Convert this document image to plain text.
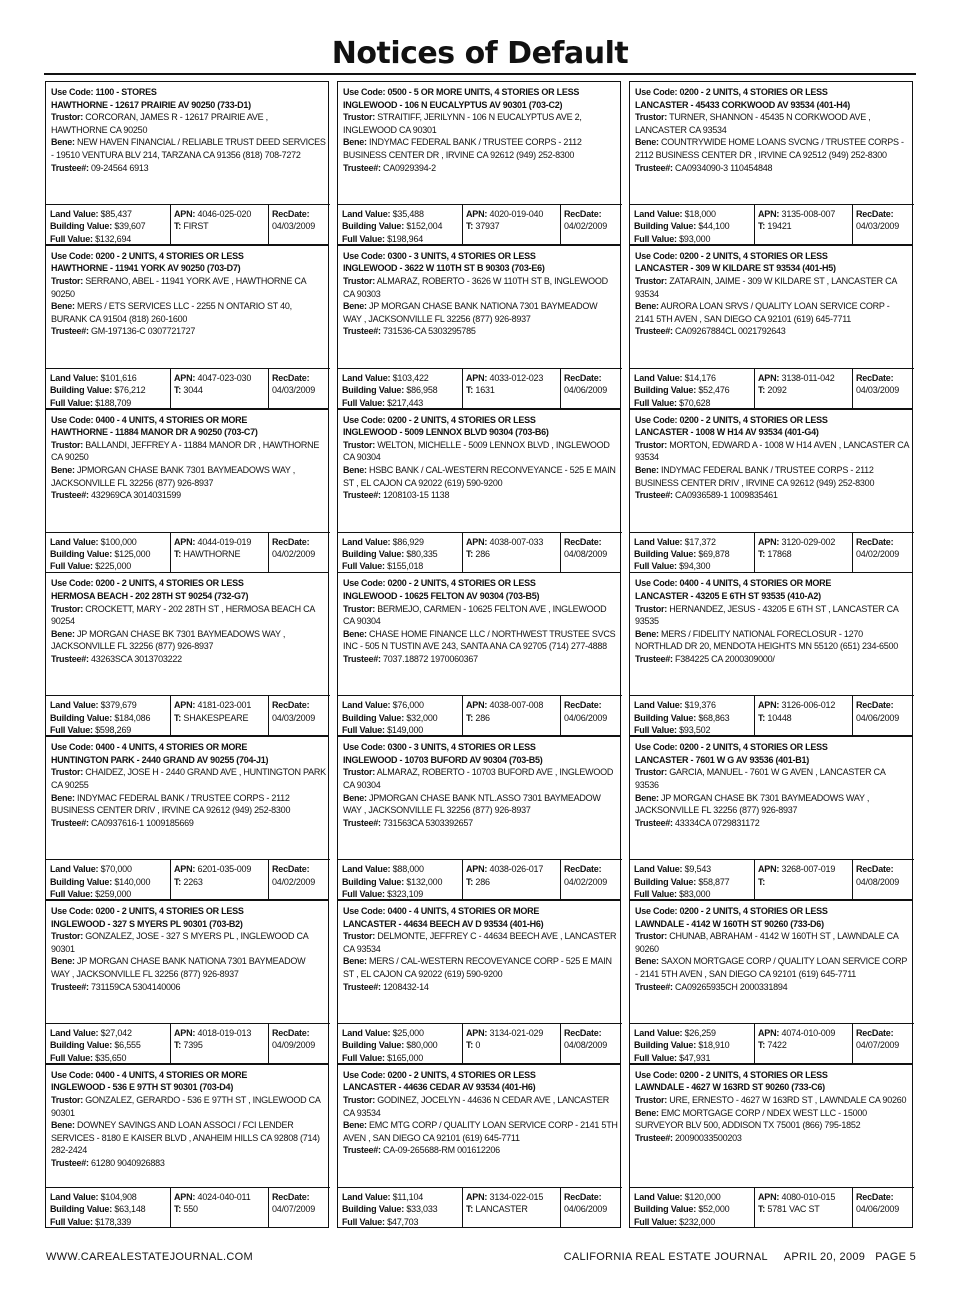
Notices of Default
Use Code: 1100 - STORES
HAWTHORNE - 12617 PRAIRIE AV 90250 (733-D1)
Trustor: CORCORAN, JAMES R - 12617 PRAIRIE AVE , HAWTHORNE CA 90250
Bene: NEW HAVEN FINANCIAL / RELIABLE TRUST DEED SERVICES - 19510 VENTURA BLV 214, TARZANA CA 91356 (818) 708-7272
Trustee#: 09-24564 6913
Land Value: $85,437
Building Value: $39,607
Full Value: $132,694
APN: 4046-025-020
T: FIRST
RecDate:
04/03/2009
Use Code: 0200 - 2 UNITS, 4 STORIES OR LESS
HAWTHORNE - 11941 YORK AV 90250 (703-D7)
Trustor: SERRANO, ABEL - 11941 YORK AVE , HAWTHORNE CA 90250
Bene: MERS / ETS SERVICES LLC - 2255 N ONTARIO ST 40, BURANK CA 91504 (818) 260-1600
Trustee#: GM-197136-C 0307721727
Land Value: $101,616
Building Value: $76,212
Full Value: $188,709
APN: 4047-023-030
T: 3044
RecDate:
04/03/2009
Use Code: 0400 - 4 UNITS, 4 STORIES OR MORE
HAWTHORNE - 11884 MANOR DR A 90250 (703-C7)
Trustor: BALLANDI, JEFFREY A - 11884 MANOR DR , HAWTHORNE CA 90250
Bene: JPMORGAN CHASE BANK 7301 BAYMEADOWS WAY , JACKSONVILLE FL 32256 (877) 926-8937
Trustee#: 432969CA 3014031599
Land Value: $100,000
Building Value: $125,000
Full Value: $225,000
APN: 4044-019-019
T: HAWTHORNE
RecDate:
04/02/2009
Use Code: 0200 - 2 UNITS, 4 STORIES OR LESS
HERMOSA BEACH - 202 28TH ST 90254 (732-G7)
Trustor: CROCKETT, MARY - 202 28TH ST , HERMOSA BEACH CA 90254
Bene: JP MORGAN CHASE BK 7301 BAYMEADOWS WAY , JACKSONVILLE FL 32256 (877) 926-8937
Trustee#: 43263SCA 3013703222
Land Value: $379,679
Building Value: $184,086
Full Value: $598,269
APN: 4181-023-001
T: SHAKESPEARE
RecDate:
04/03/2009
Use Code: 0400 - 4 UNITS, 4 STORIES OR MORE
HUNTINGTON PARK - 2440 GRAND AV 90255 (704-J1)
Trustor: CHAIDEZ, JOSE H - 2440 GRAND AVE , HUNTINGTON PARK CA 90255
Bene: INDYMAC FEDERAL BANK / TRUSTEE CORPS - 2112 BUSINESS CENTER DRIV , IRVINE CA 92612 (949) 252-8300
Trustee#: CA0937616-1 1009185669
Land Value: $70,000
Building Value: $140,000
Full Value: $259,000
APN: 6201-035-009
T: 2263
RecDate:
04/02/2009
Use Code: 0200 - 2 UNITS, 4 STORIES OR LESS
INGLEWOOD - 327 S MYERS PL 90301 (703-B2)
Trustor: GONZALEZ, JOSE - 327 S MYERS PL , INGLEWOOD CA 90301
Bene: JP MORGAN CHASE BANK NATIONA 7301 BAYMEADOW WAY , JACKSONVILLE FL 32256 (877) 926-8937
Trustee#: 731159CA 5304140006
Land Value: $27,042
Building Value: $6,555
Full Value: $35,650
APN: 4018-019-013
T: 7395
RecDate:
04/09/2009
Use Code: 0400 - 4 UNITS, 4 STORIES OR MORE
INGLEWOOD - 536 E 97TH ST 90301 (703-D4)
Trustor: GONZALEZ, GERARDO - 536 E 97TH ST , INGLEWOOD CA 90301
Bene: DOWNEY SAVINGS AND LOAN ASSOCI / FCI LENDER SERVICES - 8180 E KAISER BLVD , ANAHEIM HILLS CA 92808 (714) 282-2424
Trustee#: 61280 9040926883
Land Value: $104,908
Building Value: $63,148
Full Value: $178,339
APN: 4024-040-011
T: 550
RecDate:
04/07/2009
Use Code: 0500 - 5 OR MORE UNITS, 4 STORIES OR LESS
INGLEWOOD - 106 N EUCALYPTUS AV 90301 (703-C2)
Trustor: STRAITIFF, JERILYNN - 106 N EUCALYPTUS AVE 2, INGLEWOOD CA 90301
Bene: INDYMAC FEDERAL BANK / TRUSTEE CORPS - 2112 BUSINESS CENTER DR , IRVINE CA 92612 (949) 252-8300
Trustee#: CA0929394-2
Land Value: $35,488
Building Value: $152,004
Full Value: $198,964
APN: 4020-019-040
T: 37937
RecDate:
04/02/2009
Use Code: 0300 - 3 UNITS, 4 STORIES OR LESS
INGLEWOOD - 3622 W 110TH ST B 90303 (703-E6)
Trustor: ALMARAZ, ROBERTO - 3626 W 110TH ST B, INGLEWOOD CA 90303
Bene: JP MORGAN CHASE BANK NATIONA 7301 BAYMEADOW WAY , JACKSONVILLE FL 32256 (877) 926-8937
Trustee#: 731536-CA 5303295785
Land Value: $103,422
Building Value: $86,958
Full Value: $217,443
APN: 4033-012-023
T: 1631
RecDate:
04/06/2009
Use Code: 0200 - 2 UNITS, 4 STORIES OR LESS
INGLEWOOD - 5009 LENNOX BLVD 90304 (703-B6)
Trustor: WELTON, MICHELLE - 5009 LENNOX BLVD , INGLEWOOD CA 90304
Bene: HSBC BANK / CAL-WESTERN RECONVEYANCE - 525 E MAIN ST , EL CAJON CA 92022 (619) 590-9200
Trustee#: 1208103-15 1138
Land Value: $86,929
Building Value: $80,335
Full Value: $155,018
APN: 4038-007-033
T: 286
RecDate:
04/08/2009
Use Code: 0200 - 2 UNITS, 4 STORIES OR LESS
INGLEWOOD - 10625 FELTON AV 90304 (703-B5)
Trustor: BERMEJO, CARMEN - 10625 FELTON AVE , INGLEWOOD CA 90304
Bene: CHASE HOME FINANCE LLC / NORTHWEST TRUSTEE SVCS INC - 505 N TUSTIN AVE 243, SANTA ANA CA 92705 (714) 277-4888
Trustee#: 7037.18872 1970060367
Land Value: $76,000
Building Value: $32,000
Full Value: $149,000
APN: 4038-007-008
T: 286
RecDate:
04/06/2009
Use Code: 0300 - 3 UNITS, 4 STORIES OR LESS
INGLEWOOD - 10703 BUFORD AV 90304 (703-B5)
Trustor: ALMARAZ, ROBERTO - 10703 BUFORD AVE , INGLEWOOD CA 90304
Bene: JPMORGAN CHASE BANK NTL.ASSO 7301 BAYMEADOW WAY , JACKSONVILLE FL 32256 (877) 926-8937
Trustee#: 731563CA 5303392657
Land Value: $88,000
Building Value: $132,000
Full Value: $323,109
APN: 4038-026-017
T: 286
RecDate:
04/02/2009
Use Code: 0400 - 4 UNITS, 4 STORIES OR MORE
LANCASTER - 44634 BEECH AV D 93534 (401-H6)
Trustor: DELMONTE, JEFFREY C - 44634 BEECH AVE , LANCASTER CA 93534
Bene: MERS / CAL-WESTERN RECOVEYANCE CORP - 525 E MAIN ST , EL CAJON CA 92022 (619) 590-9200
Trustee#: 1208432-14
Land Value: $25,000
Building Value: $80,000
Full Value: $165,000
APN: 3134-021-029
T: 0
RecDate:
04/08/2009
Use Code: 0200 - 2 UNITS, 4 STORIES OR LESS
LANCASTER - 44636 CEDAR AV 93534 (401-H6)
Trustor: GODINEZ, JOCELYN - 44636 N CEDAR AVE , LANCASTER CA 93534
Bene: EMC MTG CORP / QUALITY LOAN SERVICE CORP - 2141 5TH AVEN , SAN DIEGO CA 92101 (619) 645-7711
Trustee#: CA-09-265688-RM 001612206
Land Value: $11,104
Building Value: $33,033
Full Value: $47,703
APN: 3134-022-015
T: LANCASTER
RecDate:
04/06/2009
Use Code: 0200 - 2 UNITS, 4 STORIES OR LESS
LANCASTER - 45433 CORKWOOD AV 93534 (401-H4)
Trustor: TURNER, SHANNON - 45435 N CORKWOOD AVE , LANCASTER CA 93534
Bene: COUNTRYWIDE HOME LOANS SVCNG / TRUSTEE CORPS - 2112 BUSINESS CENTER DR , IRVINE CA 92512 (949) 252-8300
Trustee#: CA0934090-3 110454848
Land Value: $18,000
Building Value: $44,100
Full Value: $93,000
APN: 3135-008-007
T: 19421
RecDate:
04/03/2009
Use Code: 0200 - 2 UNITS, 4 STORIES OR LESS
LANCASTER - 309 W KILDARE ST 93534 (401-H5)
Trustor: ZATARAIN, JAIME - 309 W KILDARE ST , LANCASTER CA 93534
Bene: AURORA LOAN SRVS / QUALITY LOAN SERVICE CORP - 2141 5TH AVEN , SAN DIEGO CA 92101 (619) 645-7711
Trustee#: CA09267884CL 0021792643
Land Value: $14,176
Building Value: $52,476
Full Value: $70,628
APN: 3138-011-042
T: 2092
RecDate:
04/03/2009
Use Code: 0200 - 2 UNITS, 4 STORIES OR LESS
LANCASTER - 1008 W H14 AV 93534 (401-G4)
Trustor: MORTON, EDWARD A - 1008 W H14 AVEN , LANCASTER CA 93534
Bene: INDYMAC FEDERAL BANK / TRUSTEE CORPS - 2112 BUSINESS CENTER DRIV , IRVINE CA 92612 (949) 252-8300
Trustee#: CA0936589-1 1009835461
Land Value: $17,372
Building Value: $69,878
Full Value: $94,300
APN: 3120-029-002
T: 17868
RecDate:
04/02/2009
Use Code: 0400 - 4 UNITS, 4 STORIES OR MORE
LANCASTER - 43205 E 6TH ST 93535 (410-A2)
Trustor: HERNANDEZ, JESUS - 43205 E 6TH ST , LANCASTER CA 93535
Bene: MERS / FIDELITY NATIONAL FORECLOSUR - 1270 NORTHLAD DR 20, MENDOTA HEIGHTS MN 55120 (651) 234-6500
Trustee#: F384225 CA 2000309000/
Land Value: $19,376
Building Value: $68,863
Full Value: $93,502
APN: 3126-006-012
T: 10448
RecDate:
04/06/2009
Use Code: 0200 - 2 UNITS, 4 STORIES OR LESS
LANCASTER - 7601 W G AV 93536 (401-B1)
Trustor: GARCIA, MANUEL - 7601 W G AVEN , LANCASTER CA 93536
Bene: JP MORGAN CHASE BK 7301 BAYMEADOWS WAY , JACKSONVILLE FL 32256 (877) 926-8937
Trustee#: 43334CA 0729831172
Land Value: $9,543
Building Value: $58,877
Full Value: $83,000
APN: 3268-007-019
T:
RecDate:
04/08/2009
Use Code: 0200 - 2 UNITS, 4 STORIES OR LESS
LAWNDALE - 4142 W 160TH ST 90260 (733-D6)
Trustor: CHUNAB, ABRAHAM - 4142 W 160TH ST , LAWNDALE CA 90260
Bene: SAXON MORTGAGE CORP / QUALITY LOAN SERVICE CORP - 2141 5TH AVEN , SAN DIEGO CA 92101 (619) 645-7711
Trustee#: CA09265935CH 2000331894
Land Value: $26,259
Building Value: $18,910
Full Value: $47,931
APN: 4074-010-009
T: 7422
RecDate:
04/07/2009
Use Code: 0200 - 2 UNITS, 4 STORIES OR LESS
LAWNDALE - 4627 W 163RD ST 90260 (733-C6)
Trustor: URE, ERNESTO - 4627 W 163RD ST , LAWNDALE CA 90260
Bene: EMC MORTGAGE CORP / NDEX WEST LLC - 15000 SURVEYOR BLV 500, ADDISON TX 75001 (866) 795-1852
Trustee#: 20090033500203
Land Value: $120,000
Building Value: $52,000
Full Value: $232,000
APN: 4080-010-015
T: 5781 VAC ST
RecDate:
04/06/2009
WWW.CAREALESTATEJOURNAL.COM	CALIFORNIA REAL ESTATE JOURNAL     APRIL 20, 2009   PAGE 5
